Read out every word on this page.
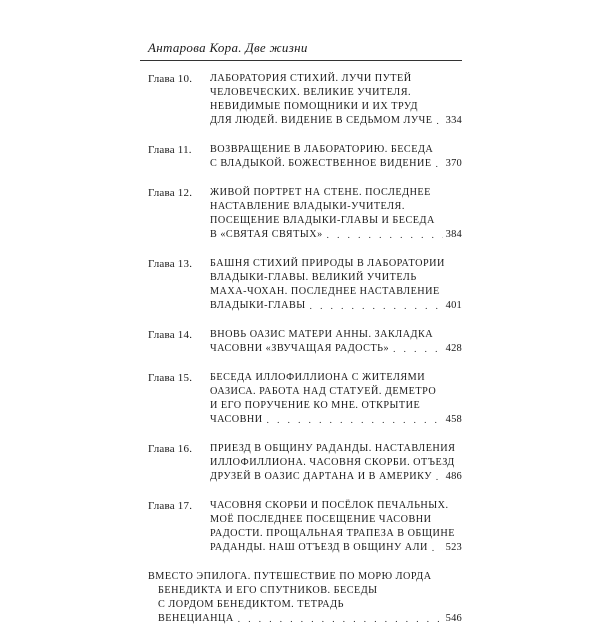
Антарова Кора. Две жизни
Глава 10. ЛАБОРАТОРИЯ СТИХИЙ. ЛУЧИ ПУТЕЙ
ЧЕЛОВЕЧЕСКИХ. ВЕЛИКИЕ УЧИТЕЛЯ.
НЕВИДИМЫЕ ПОМОЩНИКИ И ИХ ТРУД
ДЛЯ ЛЮДЕЙ. ВИДЕНИЕ В СЕДЬМОМ ЛУЧЕ . . . 334
Глава 11. ВОЗВРАЩЕНИЕ В ЛАБОРАТОРИЮ. БЕСЕДА
С ВЛАДЫКОЙ. БОЖЕСТВЕННОЕ ВИДЕНИЕ . . . 370
Глава 12. ЖИВОЙ ПОРТРЕТ НА СТЕНЕ. ПОСЛЕДНЕЕ
НАСТАВЛЕНИЕ ВЛАДЫКИ-УЧИТЕЛЯ.
ПОСЕЩЕНИЕ ВЛАДЫКИ-ГЛАВЫ И БЕСЕДА
В «СВЯТАЯ СВЯТЫХ» . . .	384
Глава 13. БАШНЯ СТИХИЙ ПРИРОДЫ В ЛАБОРАТОРИИ
ВЛАДЫКИ-ГЛАВЫ. ВЕЛИКИЙ УЧИТЕЛЬ
МАХА-ЧОХАН. ПОСЛЕДНЕЕ НАСТАВЛЕНИЕ
ВЛАДЫКИ-ГЛАВЫ . . .	401
Глава 14. ВНОВЬ ОАЗИС МАТЕРИ АННЫ. ЗАКЛАДКА
ЧАСОВНИ «ЗВУЧАЩАЯ РАДОСТЬ» . . .	428
Глава 15. БЕСЕДА ИЛЛОФИЛЛИОНА С ЖИТЕЛЯМИ
ОАЗИСА. РАБОТА НАД СТАТУЕЙ. ДЕМЕТРО
И ЕГО ПОРУЧЕНИЕ КО МНЕ. ОТКРЫТИЕ
ЧАСОВНИ . . .	458
Глава 16. ПРИЕЗД В ОБЩИНУ РАДАНДЫ. НАСТАВЛЕНИЯ
ИЛЛОФИЛЛИОНА. ЧАСОВНЯ СКОРБИ. ОТЪЕЗД
ДРУЗЕЙ В ОАЗИС ДАРТАНА И В АМЕРИКУ . . . 486
Глава 17. ЧАСОВНЯ СКОРБИ И ПОСЁЛОК ПЕЧАЛЬНЫХ.
МОЁ ПОСЛЕДНЕЕ ПОСЕЩЕНИЕ ЧАСОВНИ
РАДОСТИ. ПРОЩАЛЬНАЯ ТРАПЕЗА В ОБЩИНЕ
РАДАНДЫ. НАШ ОТЪЕЗД В ОБЩИНУ АЛИ . . . 523
ВМЕСТО ЭПИЛОГА. ПУТЕШЕСТВИЕ ПО МОРЮ ЛОРДА
БЕНЕДИКТА И ЕГО СПУТНИКОВ. БЕСЕДЫ
С ЛОРДОМ БЕНЕДИКТОМ. ТЕТРАДЬ
ВЕНЕЦИАНЦА . . .	546
